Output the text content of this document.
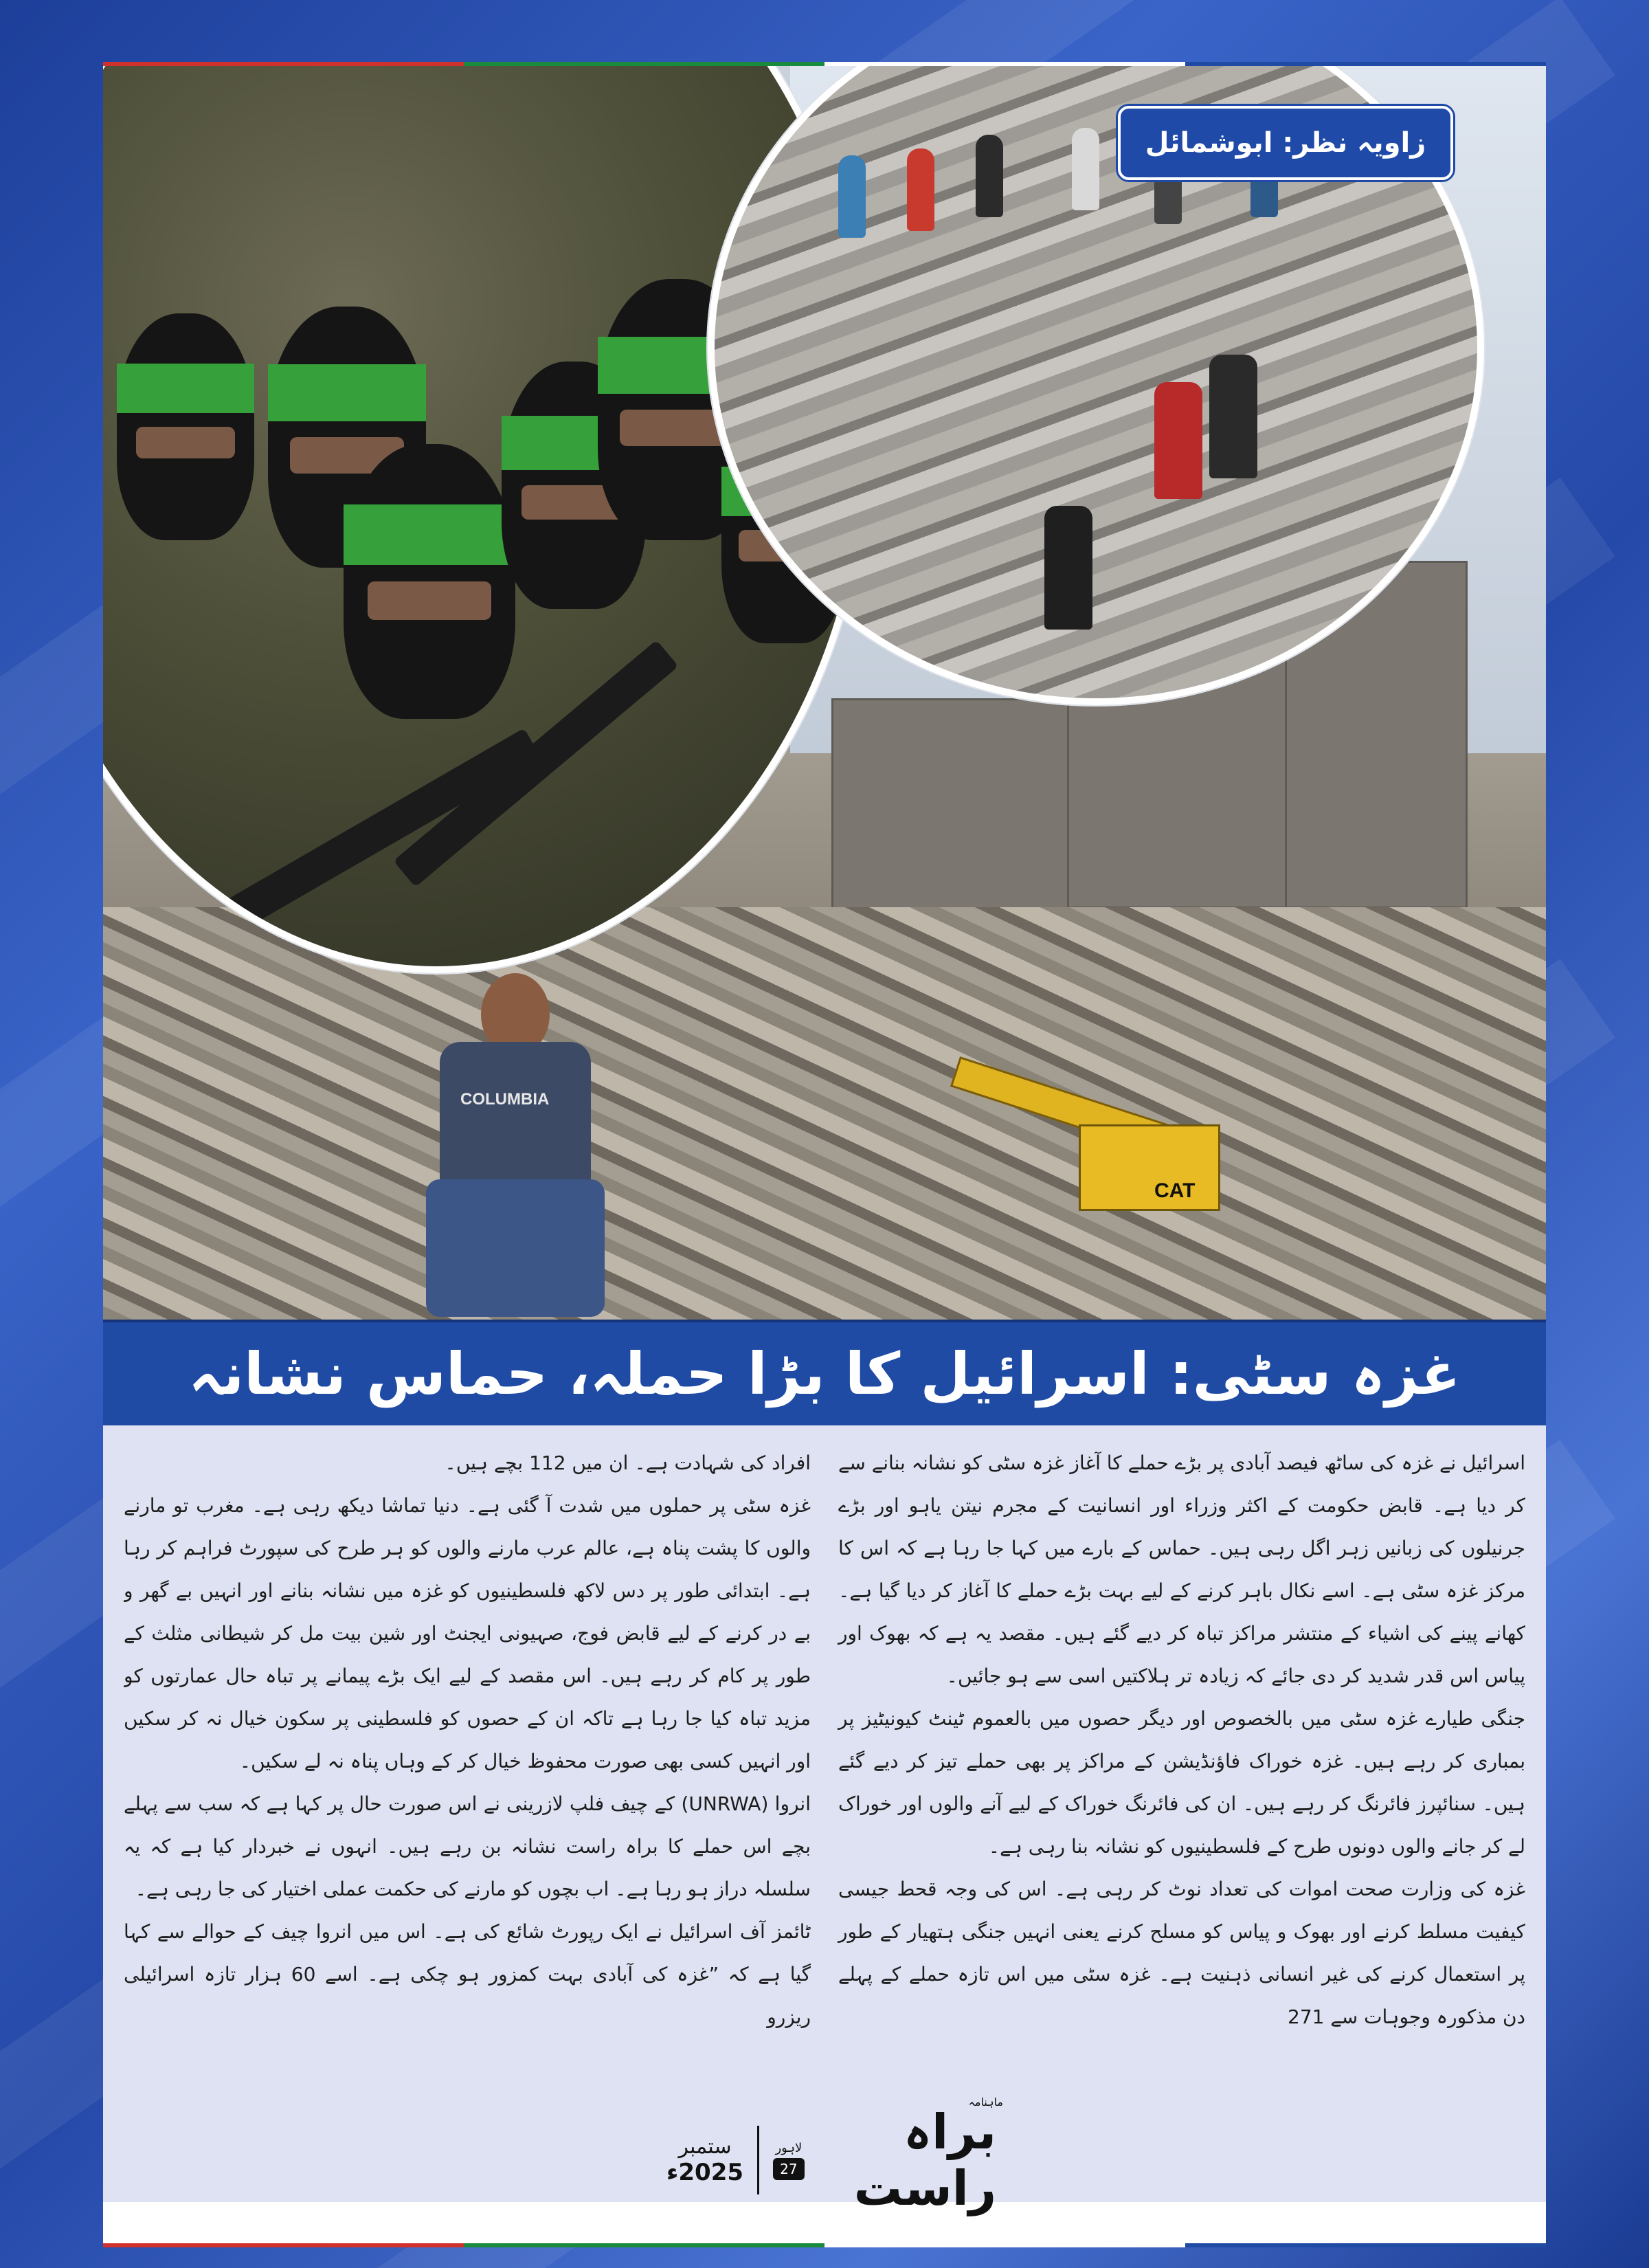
CAT
COLUMBIA
زاویہ نظر: ابوشمائل
غزہ سٹی: اسرائیل کا بڑا حملہ، حماس نشانہ

اسرائیل نے غزہ کی ساٹھ فیصد آبادی پر بڑے حملے کا آغاز غزہ سٹی کو نشانہ بنانے سے کر دیا ہے۔ قابض حکومت کے اکثر وزراء اور انسانیت کے مجرم نیتن یاہو اور بڑے جرنیلوں کی زبانیں زہر اگل رہی ہیں۔ حماس کے بارے میں کہا جا رہا ہے کہ اس کا مرکز غزہ سٹی ہے۔ اسے نکال باہر کرنے کے لیے بہت بڑے حملے کا آغاز کر دیا گیا ہے۔ کھانے پینے کی اشیاء کے منتشر مراکز تباہ کر دیے گئے ہیں۔ مقصد یہ ہے کہ بھوک اور پیاس اس قدر شدید کر دی جائے کہ زیادہ تر ہلاکتیں اسی سے ہو جائیں۔

جنگی طیارے غزہ سٹی میں بالخصوص اور دیگر حصوں میں بالعموم ٹینٹ کیونیٹیز پر بمباری کر رہے ہیں۔ غزہ خوراک فاؤنڈیشن کے مراکز پر بھی حملے تیز کر دیے گئے ہیں۔ سنائپرز فائرنگ کر رہے ہیں۔ ان کی فائرنگ خوراک کے لیے آنے والوں اور خوراک لے کر جانے والوں دونوں طرح کے فلسطینیوں کو نشانہ بنا رہی ہے۔

غزہ کی وزارت صحت اموات کی تعداد نوٹ کر رہی ہے۔ اس کی وجہ قحط جیسی کیفیت مسلط کرنے اور بھوک و پیاس کو مسلح کرنے یعنی انہیں جنگی ہتھیار کے طور پر استعمال کرنے کی غیر انسانی ذہنیت ہے۔ غزہ سٹی میں اس تازہ حملے کے پہلے دن مذکورہ وجوہات سے 271

افراد کی شہادت ہے۔ ان میں 112 بچے ہیں۔

غزہ سٹی پر حملوں میں شدت آ گئی ہے۔ دنیا تماشا دیکھ رہی ہے۔ مغرب تو مارنے والوں کا پشت پناہ ہے، عالم عرب مارنے والوں کو ہر طرح کی سپورٹ فراہم کر رہا ہے۔ ابتدائی طور پر دس لاکھ فلسطینیوں کو غزہ میں نشانہ بنانے اور انہیں بے گھر و بے در کرنے کے لیے قابض فوج، صہیونی ایجنٹ اور شین بیت مل کر شیطانی مثلث کے طور پر کام کر رہے ہیں۔ اس مقصد کے لیے ایک بڑے پیمانے پر تباہ حال عمارتوں کو مزید تباہ کیا جا رہا ہے تاکہ ان کے حصوں کو فلسطینی پر سکون خیال نہ کر سکیں اور انہیں کسی بھی صورت محفوظ خیال کر کے وہاں پناہ نہ لے سکیں۔

انروا (UNRWA) کے چیف فلپ لازرینی نے اس صورت حال پر کہا ہے کہ سب سے پہلے بچے اس حملے کا براہ راست نشانہ بن رہے ہیں۔ انہوں نے خبردار کیا ہے کہ یہ سلسلہ دراز ہو رہا ہے۔ اب بچوں کو مارنے کی حکمت عملی اختیار کی جا رہی ہے۔

ٹائمز آف اسرائیل نے ایک رپورٹ شائع کی ہے۔ اس میں انروا چیف کے حوالے سے کہا گیا ہے کہ ”غزہ کی آبادی بہت کمزور ہو چکی ہے۔ اسے 60 ہزار تازہ اسرائیلی ریزرو

براہ راست
ماہنامہ
لاہور
27
ستمبر
2025ء
